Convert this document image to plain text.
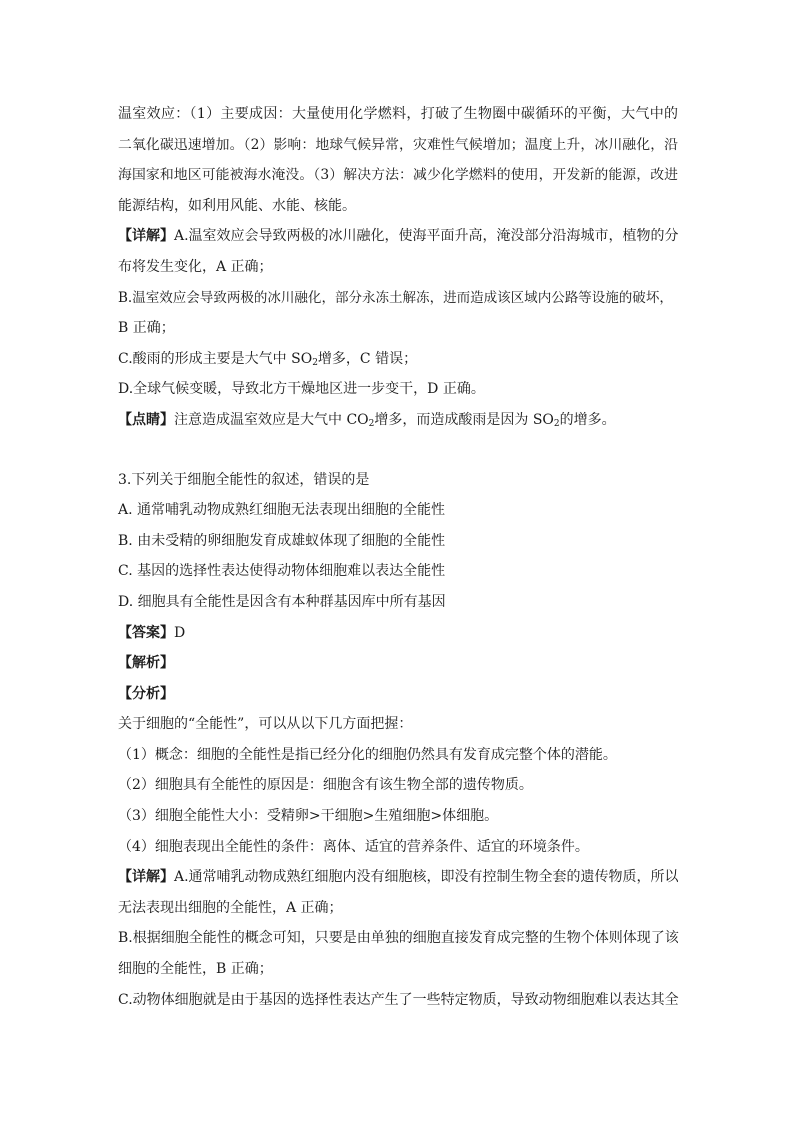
温室效应：（1）主要成因：大量使用化学燃料，打破了生物圈中碳循环的平衡，大气中的
二氧化碳迅速增加。（2）影响：地球气候异常，灾难性气候增加；温度上升，冰川融化，沿
海国家和地区可能被海水淹没。（3）解决方法：减少化学燃料的使用，开发新的能源，改进
能源结构，如利用风能、水能、核能。
【详解】A.温室效应会导致两极的冰川融化，使海平面升高，淹没部分沿海城市，植物的分
布将发生变化，A 正确；
B.温室效应会导致两极的冰川融化，部分永冻土解冻，进而造成该区域内公路等设施的破坏，
B 正确；
C.酸雨的形成主要是大气中 $SO_2$增多，C 错误；
D.全球气候变暖，导致北方干燥地区进一步变干，D 正确。
【点睛】注意造成温室效应是大气中 $CO_2$增多，而造成酸雨是因为 $SO_2$的增多。
3.下列关于细胞全能性的叙述，错误的是
A. 通常哺乳动物成熟红细胞无法表现出细胞的全能性
B. 由未受精的卵细胞发育成雄蚁体现了细胞的全能性
C. 基因的选择性表达使得动物体细胞难以表达全能性
D. 细胞具有全能性是因含有本种群基因库中所有基因
【答案】D
【解析】
【分析】
关于细胞的“全能性”，可以从以下几方面把握：
（1）概念：细胞的全能性是指已经分化的细胞仍然具有发育成完整个体的潜能。
（2）细胞具有全能性的原因是：细胞含有该生物全部的遗传物质。
（3）细胞全能性大小：受精卵>干细胞>生殖细胞>体细胞。
（4）细胞表现出全能性的条件：离体、适宜的营养条件、适宜的环境条件。
【详解】A.通常哺乳动物成熟红细胞内没有细胞核，即没有控制生物全套的遗传物质，所以
无法表现出细胞的全能性，A 正确；
B.根据细胞全能性的概念可知，只要是由单独的细胞直接发育成完整的生物个体则体现了该
细胞的全能性，B 正确；
C.动物体细胞就是由于基因的选择性表达产生了一些特定物质，导致动物细胞难以表达其全
